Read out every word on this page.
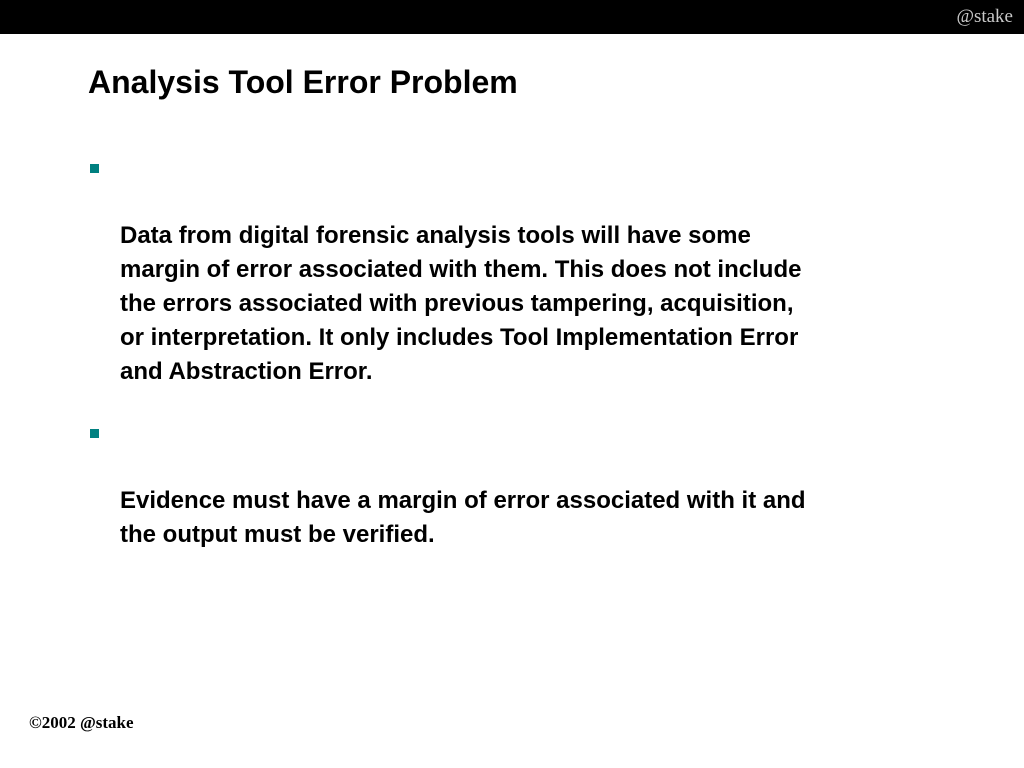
@stake
Analysis Tool Error Problem

Data from digital forensic analysis tools will have some
margin of error associated with them. This does not include
the errors associated with previous tampering, acquisition,
or interpretation. It only includes Tool Implementation Error
and Abstraction Error.

Evidence must have a margin of error associated with it and
the output must be verified.

©2002 @stake
